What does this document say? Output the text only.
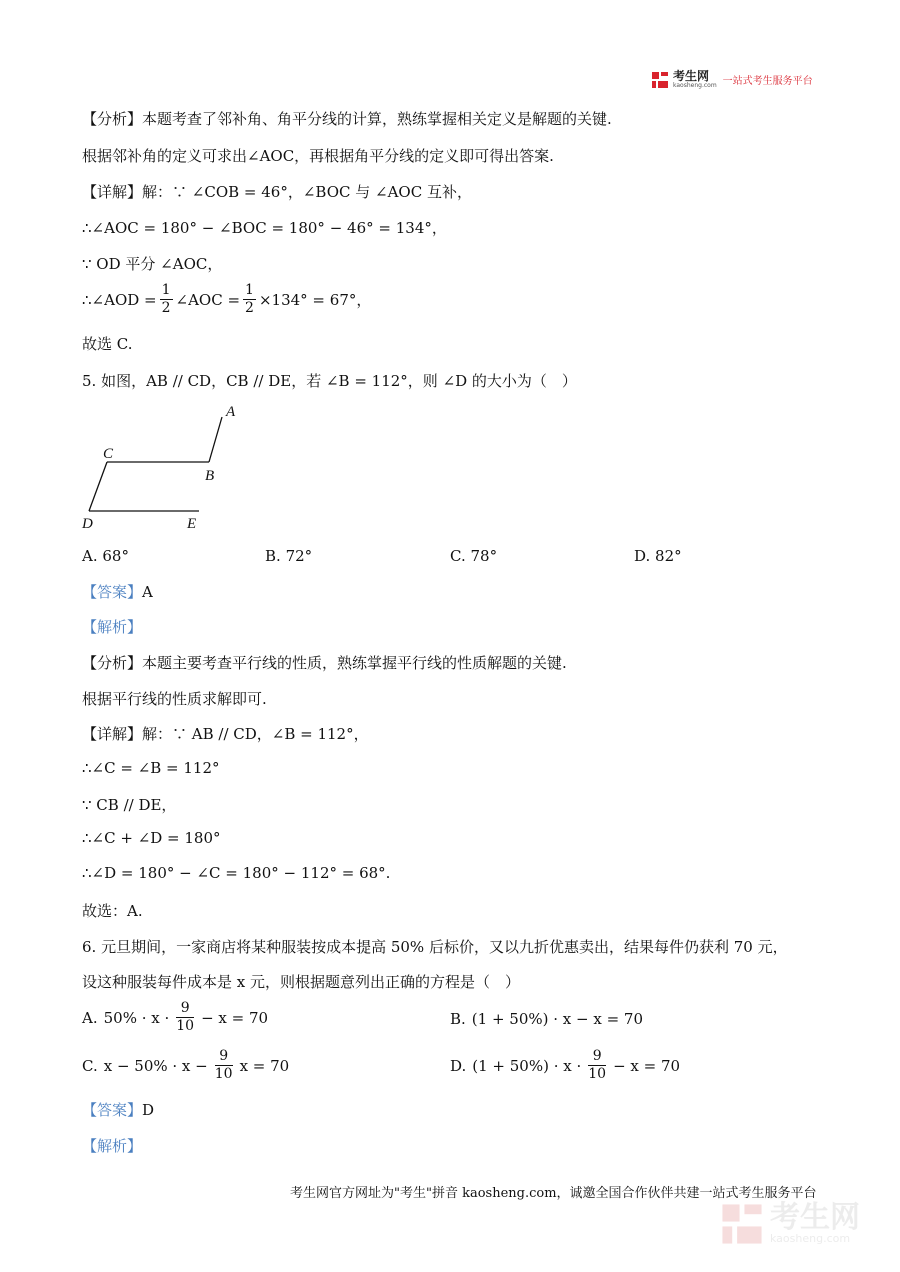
考生网
kaosheng.com 一站式考生服务平台
【分析】本题考查了邻补角、角平分线的计算，熟练掌握相关定义是解题的关键.
根据邻补角的定义可求出∠AOC，再根据角平分线的定义即可得出答案.
【详解】解：∵ ∠COB = 46°，∠BOC 与 ∠AOC 互补，
∴∠AOC = 180° − ∠BOC = 180° − 46° = 134°，
∵ OD 平分 ∠AOC，
∴∠AOD = $\frac{1}{2}$ ∠AOC = $\frac{1}{2} \times 134^\circ = 67^\circ$，
故选 C.
5. 如图，AB // CD，CB // DE，若 ∠B = 112°，则 ∠D 的大小为（　）
A
B
C
D	E
A. 68°	B. 72°	C. 78°	D. 82°
【答案】A
【解析】
【分析】本题主要考查平行线的性质，熟练掌握平行线的性质解题的关键.
根据平行线的性质求解即可.
【详解】解：∵ AB // CD，∠B = 112°，
∴∠C = ∠B = 112°
∵ CB // DE，
∴∠C + ∠D = 180°
∴∠D = 180° − ∠C = 180° − 112° = 68°.
故选：A.
6. 元旦期间，一家商店将某种服装按成本提高 50% 后标价，又以九折优惠卖出，结果每件仍获利 70 元，
设这种服装每件成本是 x 元，则根据题意列出正确的方程是（　）
A. $50\% \cdot x \cdot \frac{9}{10} - x = 70$	B. (1 + 50%) · x − x = 70
C. $x - 50\% \cdot x - \frac{9}{10}$ x = 70	D. $(1 + 50\%) \cdot x \cdot \frac{9}{10} - x = 70$
【答案】D
【解析】
考生网官方网址为"考生"拼音 kaosheng.com，诚邀全国合作伙伴共建一站式考生服务平台
考生网
kaosheng.com
